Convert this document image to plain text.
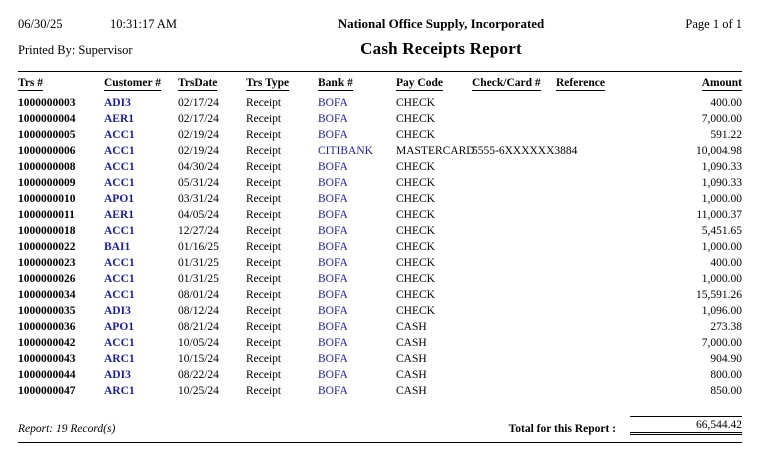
06/30/25	10:31:17 AM	National Office Supply, Incorporated	Page 1 of 1
Printed By: Supervisor	Cash Receipts Report
Trs #	Customer #	TrsDate	Trs Type	Bank #	Pay Code	Check/Card #	Reference	Amount
1000000003	ADI3	02/17/24	Receipt	BOFA	CHECK			400.00
1000000004	AER1	02/17/24	Receipt	BOFA	CHECK			7,000.00
1000000005	ACC1	02/19/24	Receipt	BOFA	CHECK			591.22
1000000006	ACC1	02/19/24	Receipt	CITIBANK	MASTERCARD	5555-6XXXXXX3884		10,004.98
1000000008	ACC1	04/30/24	Receipt	BOFA	CHECK			1,090.33
1000000009	ACC1	05/31/24	Receipt	BOFA	CHECK			1,090.33
1000000010	APO1	03/31/24	Receipt	BOFA	CHECK			1,000.00
1000000011	AER1	04/05/24	Receipt	BOFA	CHECK			11,000.37
1000000018	ACC1	12/27/24	Receipt	BOFA	CHECK			5,451.65
1000000022	BAI1	01/16/25	Receipt	BOFA	CHECK			1,000.00
1000000023	ACC1	01/31/25	Receipt	BOFA	CHECK			400.00
1000000026	ACC1	01/31/25	Receipt	BOFA	CHECK			1,000.00
1000000034	ACC1	08/01/24	Receipt	BOFA	CHECK			15,591.26
1000000035	ADI3	08/12/24	Receipt	BOFA	CHECK			1,096.00
1000000036	APO1	08/21/24	Receipt	BOFA	CASH			273.38
1000000042	ACC1	10/05/24	Receipt	BOFA	CASH			7,000.00
1000000043	ARC1	10/15/24	Receipt	BOFA	CASH			904.90
1000000044	ADI3	08/22/24	Receipt	BOFA	CASH			800.00
1000000047	ARC1	10/25/24	Receipt	BOFA	CASH			850.00
Report: 19 Record(s)	Total for this Report :	66,544.42
